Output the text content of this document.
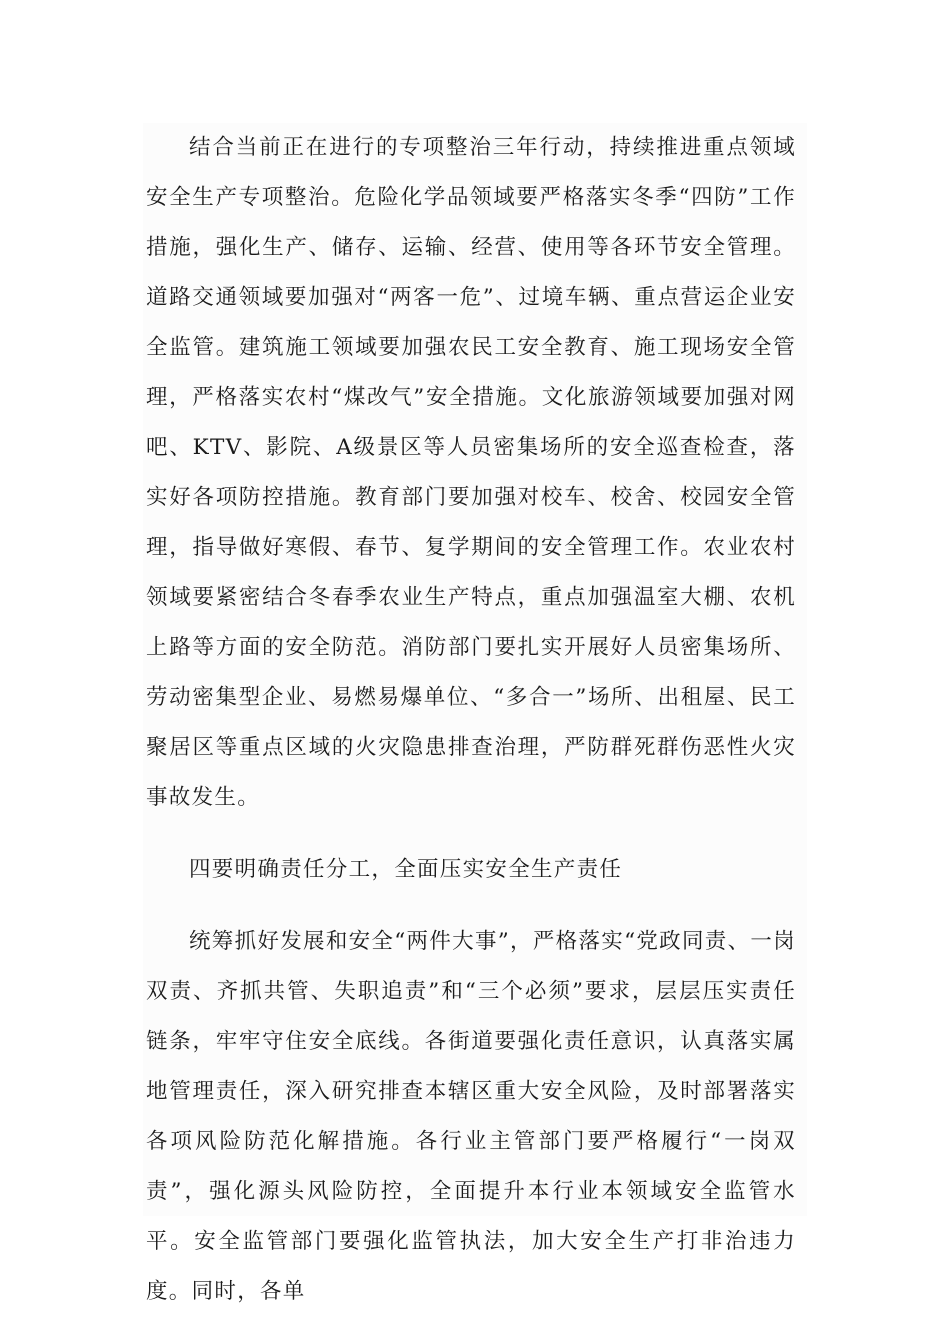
结合当前正在进行的专项整治三年行动，持续推进重点领域安全生产专项整治。危险化学品领域要严格落实冬季“四防”工作措施，强化生产、储存、运输、经营、使用等各环节安全管理。道路交通领域要加强对“两客一危”、过境车辆、重点营运企业安全监管。建筑施工领域要加强农民工安全教育、施工现场安全管理，严格落实农村“煤改气”安全措施。文化旅游领域要加强对网吧、KTV、影院、A级景区等人员密集场所的安全巡查检查，落实好各项防控措施。教育部门要加强对校车、校舍、校园安全管理，指导做好寒假、春节、复学期间的安全管理工作。农业农村领域要紧密结合冬春季农业生产特点，重点加强温室大棚、农机上路等方面的安全防范。消防部门要扎实开展好人员密集场所、劳动密集型企业、易燃易爆单位、“多合一”场所、出租屋、民工聚居区等重点区域的火灾隐患排查治理，严防群死群伤恶性火灾事故发生。

四要明确责任分工，全面压实安全生产责任

统筹抓好发展和安全“两件大事”，严格落实“党政同责、一岗双责、齐抓共管、失职追责”和“三个必须”要求，层层压实责任链条，牢牢守住安全底线。各街道要强化责任意识，认真落实属地管理责任，深入研究排查本辖区重大安全风险，及时部署落实各项风险防范化解措施。各行业主管部门要严格履行“一岗双责”，强化源头风险防控，全面提升本行业本领域安全监管水平。安全监管部门要强化监管执法，加大安全生产打非治违力度。同时，各单
